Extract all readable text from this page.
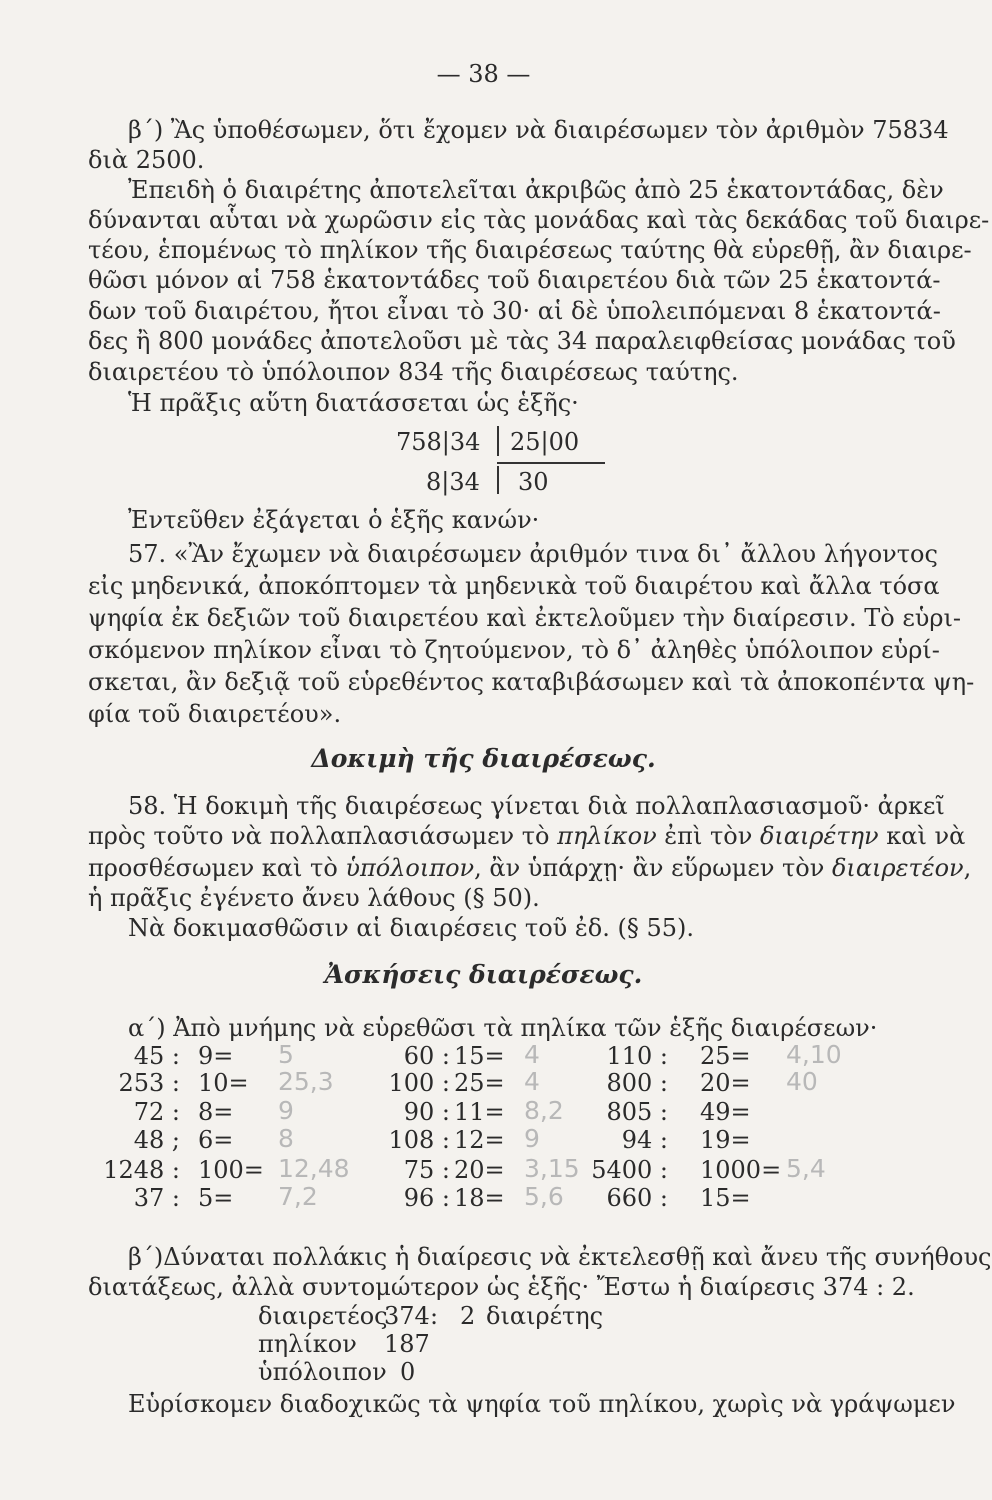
— 38 —
β΄) Ἂς ὑποθέσωμεν, ὅτι ἔχομεν νὰ διαιρέσωμεν τὸν ἀριθμὸν 75834
διὰ 2500.
Ἐπειδὴ ὁ διαιρέτης ἀποτελεῖται ἀκριβῶς ἀπὸ 25 ἑκατοντάδας, δὲν
δύνανται αὗται νὰ χωρῶσιν εἰς τὰς μονάδας καὶ τὰς δεκάδας τοῦ διαιρε-
τέου, ἑπομένως τὸ πηλίκον τῆς διαιρέσεως ταύτης θὰ εὑρεθῇ, ἂν διαιρε-
θῶσι μόνον αἱ 758 ἑκατοντάδες τοῦ διαιρετέου διὰ τῶν 25 ἑκατοντά-
δων τοῦ διαιρέτου, ἤτοι εἶναι τὸ 30· αἱ δὲ ὑπολειπόμεναι 8 ἑκατοντά-
δες ἢ 800 μονάδες ἀποτελοῦσι μὲ τὰς 34 παραλειφθείσας μονάδας τοῦ
διαιρετέου τὸ ὑπόλοιπον 834 τῆς διαιρέσεως ταύτης.
Ἡ πρᾶξις αὕτη διατάσσεται ὡς ἑξῆς·
758|34 25|00
8|34 30
Ἐντεῦθεν ἐξάγεται ὁ ἑξῆς κανών·
57. «Ἂν ἔχωμεν νὰ διαιρέσωμεν ἀριθμόν τινα δι᾽ ἄλλου λήγοντος
εἰς μηδενικά, ἀποκόπτομεν τὰ μηδενικὰ τοῦ διαιρέτου καὶ ἄλλα τόσα
ψηφία ἐκ δεξιῶν τοῦ διαιρετέου καὶ ἐκτελοῦμεν τὴν διαίρεσιν. Τὸ εὑρι-
σκόμενον πηλίκον εἶναι τὸ ζητούμενον, τὸ δ᾽ ἀληθὲς ὑπόλοιπον εὑρί-
σκεται, ἂν δεξιᾷ τοῦ εὑρεθέντος καταβιβάσωμεν καὶ τὰ ἀποκοπέντα ψη-
φία τοῦ διαιρετέου».
Δοκιμὴ τῆς διαιρέσεως.
58. Ἡ δοκιμὴ τῆς διαιρέσεως γίνεται διὰ πολλαπλασιασμοῦ· ἀρκεῖ
πρὸς τοῦτο νὰ πολλαπλασιάσωμεν τὸ πηλίκον ἐπὶ τὸν διαιρέτην καὶ νὰ
προσθέσωμεν καὶ τὸ ὑπόλοιπον, ἂν ὑπάρχῃ· ἂν εὕρωμεν τὸν διαιρετέον,
ἡ πρᾶξις ἐγένετο ἄνευ λάθους (§ 50).
Νὰ δοκιμασθῶσιν αἱ διαιρέσεις τοῦ ἐδ. (§ 55).
Ἀσκήσεις διαιρέσεως.
α΄) Ἀπὸ μνήμης νὰ εὑρεθῶσι τὰ πηλίκα τῶν ἑξῆς διαιρέσεων·
45 : 9= 5	60 : 15= 4	110 : 25= 4,10
253 : 10= 25,3 100 : 25= 4	800 : 20= 40
72 : 8= 9	90 : 11= 8,2 805 : 49=
48 ; 6= 8	108 : 12= 9	94 : 19=
1248 : 100= 12,48 75 : 20= 3,15 5400 : 1000= 5,4
37 : 5= 7,2	96 : 18= 5,6 660 : 15=
β΄)Δύναται πολλάκις ἡ διαίρεσις νὰ ἐκτελεσθῇ καὶ ἄνευ τῆς συνήθους
διατάξεως, ἀλλὰ συντομώτερον ὡς ἑξῆς· Ἔστω ἡ διαίρεσις 374 : 2.
διαιρετέος
374 : 2 διαιρέτης
πηλίκον 187
ὑπόλοιπον 0
Εὑρίσκομεν διαδοχικῶς τὰ ψηφία τοῦ πηλίκου, χωρὶς νὰ γράψωμεν
